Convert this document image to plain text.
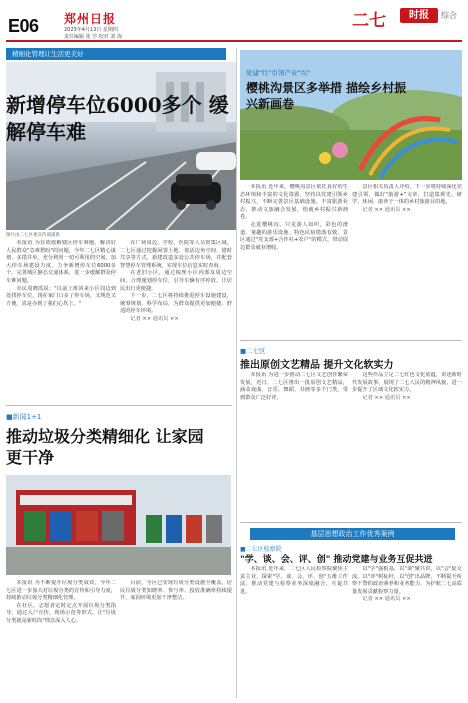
E06 郑州日报
2023年4月13日 星期四
责任编辑 张 学 校对 刘 海
二七	时报	综合
精细化管理让生活更美好
新增停车位6000多个 缓解停车难
图片由二七区委宣传部提供

本报讯 为有效缓解辖区停车难题，解决好人民群众"急难愁盼"的问题，今年二七区精心谋划、多措并举，充分利用一切可利用的空间，加大停车场建设力度，力争新增停车位6000多个，完善城区静态交通体系，进一步缓解群众停车难问题。

市民周晓霞说："以前上班回来小区周边到处找停车位，现在家门口多了停车场，又规范又方便，真是办到了我们心坎上。"

在广场周边、学校、医院等人员密集区域，二七区通过挖掘闲置土地、盘活边角空间、错时共享等方式，新建改造多处公共停车场，并配套智慧停车管理系统，实现车位信息实时查询。

在老旧小区，通过梳理小区内部及周边空间，合理施划停车位，引导车辆有序停放，让居民出行更便捷。

下一步，二七区将持续推进停车设施建设，统筹规划、科学布局，为群众提供更加便捷、舒适的停车环境。

记者 ×× 通讯员 ××

■新闻1+1
推动垃圾分类精细化 让家园更干净

本报讯 为不断提升垃圾分类成效，今年二七区进一步加大对垃圾分类的宣传和引导力度，持续推动垃圾分类精细化管理。

在社区，志愿者定时定点开展垃圾分类指导，通过入户宣传、现场示范等形式，让"垃圾分类就是新时尚"理念深入人心。

目前，全区已实现垃圾分类设施全覆盖，居民垃圾分类知晓率、参与率、投放准确率持续提升，家园环境更加干净整洁。

党建"红"引领产业"兴"
樱桃沟景区多举措 描绘乡村振兴新画卷

本报讯 近年来，樱桃沟景区依托良好的生态环境和丰富的文化资源，坚持以党建引领乡村振兴，不断完善景区基础设施，丰富旅游业态，推动文旅融合发展，绘就乡村振兴新画卷。

走进樱桃沟，只见游人如织，彩色的滑道、童趣的游乐设施、特色民宿错落有致。景区通过"党支部+合作社+农户"的模式，带动周边群众就业增收。

景区相关负责人介绍，下一步将持续深化党建引领，做好"旅游+"文章，打造集观光、研学、休闲、康养于一体的乡村旅游目的地。

记者 ×× 通讯员 ××

■二七区
推出原创文艺精品 提升文化软实力

本报讯 为进一步推动二七区文艺创作繁荣发展，近日，二七区推出一批原创文艺精品，涵盖戏曲、音乐、舞蹈、书画等多个门类，受到群众广泛好评。

这些作品立足二七红色文化底蕴，讲述新时代发展故事，展现了二七人民的精神风貌，进一步提升了区域文化软实力。

记者 ×× 通讯员 ××

基层思想政治工作优秀案例
■二七区检察院
"学、谈、会、评、创" 推动党建与业务互促共进

本报讯 近年来，二七区人民检察院聚焦主责主业，探索"学、谈、会、评、创"五维工作法，推动党建与检察业务深度融合、互促共进。

以"学"强根基，以"谈"聚共识，以"会"促交流，以"评"树标杆，以"创"出品牌，不断提升检察干警的政治素养和业务能力，为护航二七高质量发展贡献检察力量。

记者 ×× 通讯员 ××
